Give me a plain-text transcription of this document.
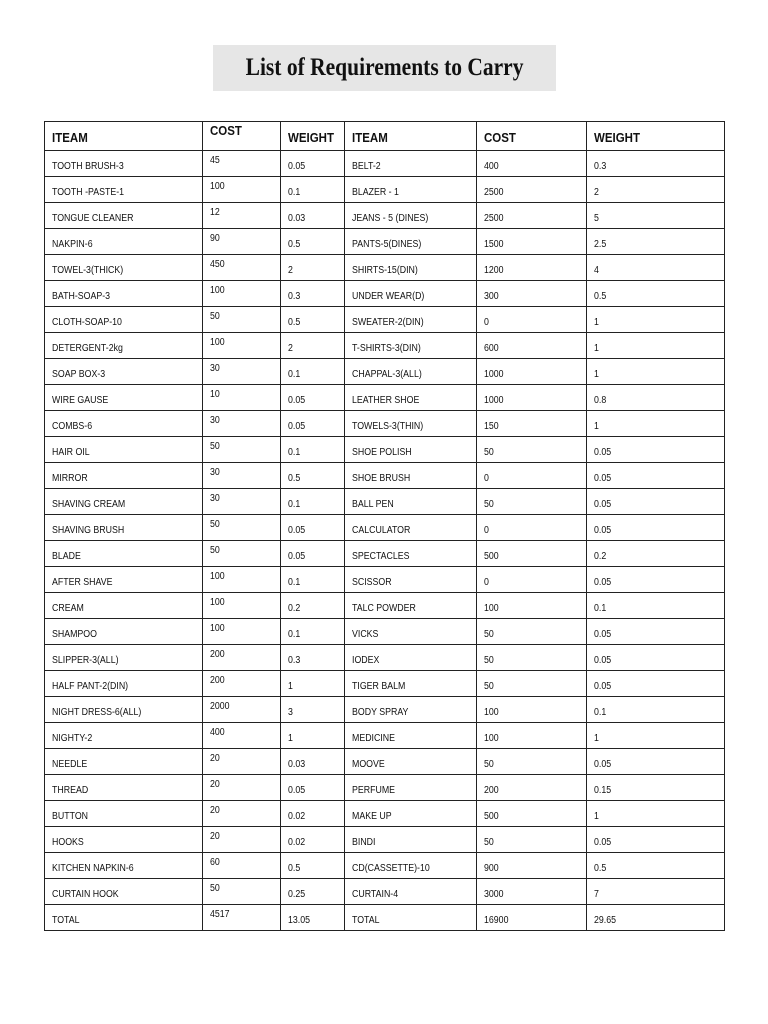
List of Requirements to Carry
ITEAM	COST	WEIGHT	ITEAM	COST	WEIGHT
TOOTH BRUSH-3	45	0.05	BELT-2	400	0.3
TOOTH -PASTE-1	100	0.1	BLAZER - 1	2500	2
TONGUE CLEANER	12	0.03	JEANS - 5 (DINES)	2500	5
NAKPIN-6	90	0.5	PANTS-5(DINES)	1500	2.5
TOWEL-3(THICK)	450	2	SHIRTS-15(DIN)	1200	4
BATH-SOAP-3	100	0.3	UNDER WEAR(D)	300	0.5
CLOTH-SOAP-10	50	0.5	SWEATER-2(DIN)	0	1
DETERGENT-2kg	100	2	T-SHIRTS-3(DIN)	600	1
SOAP BOX-3	30	0.1	CHAPPAL-3(ALL)	1000	1
WIRE GAUSE	10	0.05	LEATHER SHOE	1000	0.8
COMBS-6	30	0.05	TOWELS-3(THIN)	150	1
HAIR OIL	50	0.1	SHOE POLISH	50	0.05
MIRROR	30	0.5	SHOE BRUSH	0	0.05
SHAVING CREAM	30	0.1	BALL PEN	50	0.05
SHAVING BRUSH	50	0.05	CALCULATOR	0	0.05
BLADE	50	0.05	SPECTACLES	500	0.2
AFTER SHAVE	100	0.1	SCISSOR	0	0.05
CREAM	100	0.2	TALC POWDER	100	0.1
SHAMPOO	100	0.1	VICKS	50	0.05
SLIPPER-3(ALL)	200	0.3	IODEX	50	0.05
HALF PANT-2(DIN)	200	1	TIGER BALM	50	0.05
NIGHT DRESS-6(ALL)	2000	3	BODY SPRAY	100	0.1
NIGHTY-2	400	1	MEDICINE	100	1
NEEDLE	20	0.03	MOOVE	50	0.05
THREAD	20	0.05	PERFUME	200	0.15
BUTTON	20	0.02	MAKE UP	500	1
HOOKS	20	0.02	BINDI	50	0.05
KITCHEN NAPKIN-6	60	0.5	CD(CASSETTE)-10	900	0.5
CURTAIN HOOK	50	0.25	CURTAIN-4	3000	7
TOTAL	4517	13.05	TOTAL	16900	29.65
